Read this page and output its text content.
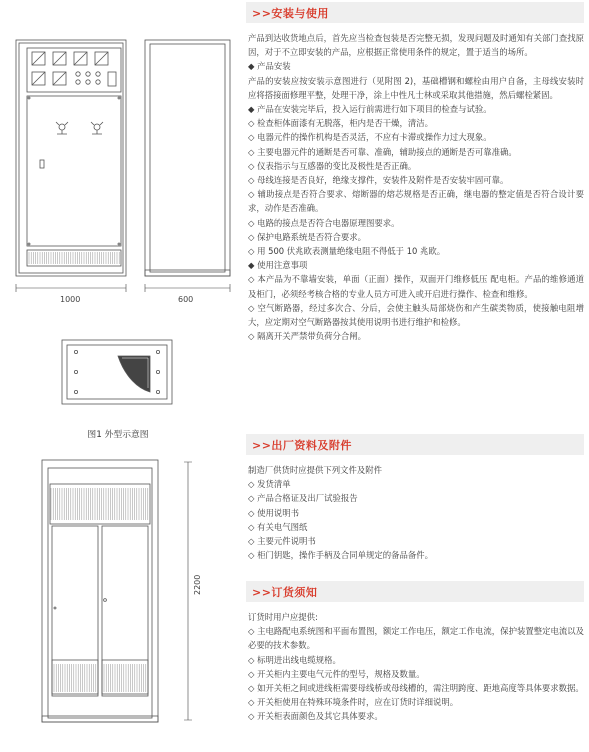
1000	600
2200
图1 外型示意图
>>安装与使用

产品到达收货地点后，首先应当检查包装是否完整无损，发现问题及时通知有关部门查找原因，对于不立即安装的产品，应根据正常使用条件的规定，置于适当的场所。

◆ 产品安装

产品的安装应按安装示意图进行（见附图 2)，基础槽钢和螺栓由用户自备，主母线安装时应将搭接面修理平整，处理干净，涂上中性凡士林或采取其他措施，然后螺栓紧固。

◆ 产品在安装完毕后，投入运行前需进行如下项目的检查与试验。

◇ 检查柜体面漆有无脱落，柜内是否干燥，清洁。

◇ 电器元件的操作机构是否灵活，不应有卡滞或操作力过大现象。

◇ 主要电器元件的通断是否可靠、准确，辅助接点的通断是否可靠准确。

◇ 仪表指示与互感器的变比及极性是否正确。

◇ 母线连接是否良好，绝缘支撑件，安装件及附件是否安装牢固可靠。

◇ 辅助接点是否符合要求、熔断器的熔芯规格是否正确，继电器的整定值是否符合设计要求，动作是否准确。

◇ 电路的接点是否符合电器原理图要求。

◇ 保护电路系统是否符合要求。

◇ 用 500 伏兆欧表测量绝缘电阻不得低于 10 兆欧。

◆ 使用注意事项

◇ 本产品为不靠墙安装，单面（正面）操作，双面开门维修低压 配电柜。产品的维修通道及柜门，必须经考核合格的专业人员方可进入或开启进行操作、检查和维修。

◇ 空气断路器，经过多次合、分后，会使主触头局部烧伤和产生碳类物质，使接触电阻增大，应定期对空气断路器按其使用说明书进行维护和检修。

◇ 隔离开关严禁带负荷分合闸。

>>出厂资料及附件

制造厂供货时应提供下列文件及附件

◇ 发货清单

◇ 产品合格证及出厂试验报告

◇ 使用说明书

◇ 有关电气图纸

◇ 主要元件说明书

◇ 柜门钥匙，操作手柄及合同单规定的备品备件。

>>订货须知

订货时用户应提供:

◇ 主电路配电系统图和平面布置图，额定工作电压，额定工作电流，保护装置整定电流以及必要的技术参数。

◇ 标明进出线电缆规格。

◇ 开关柜内主要电气元件的型号，规格及数量。

◇ 如开关柜之间或进线柜需要母线桥或母线槽的，需注明跨度、距地高度等具体要求数据。

◇ 开关柜使用在特殊环境条件时，应在订货时详细说明。

◇ 开关柜表面颜色及其它具体要求。
